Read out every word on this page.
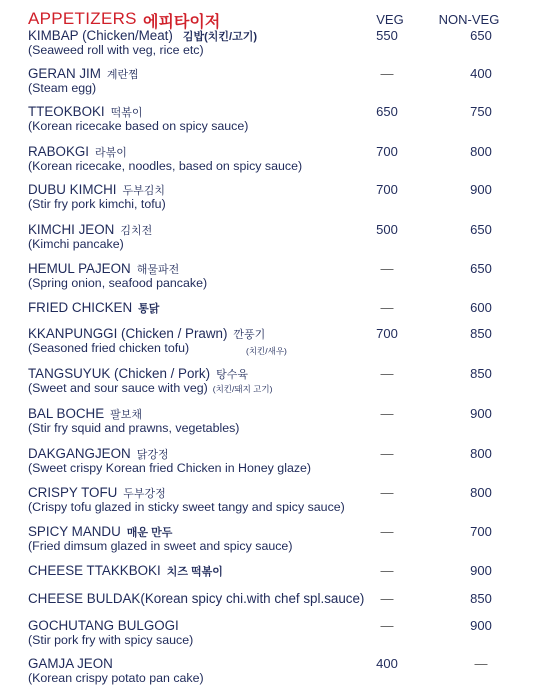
APPETIZERS 에피타이저	VEG	NON-VEG
KIMBAP (Chicken/Meat) 김밥(치킨/고기)
(Seaweed roll with veg, rice etc)
550	650
GERAN JIM 계란찜
(Steam egg)
—	400
TTEOKBOKI 떡볶이
(Korean ricecake based on spicy sauce)
650	750
RABOKGI 라볶이
(Korean ricecake, noodles, based on spicy sauce)
700	800
DUBU KIMCHI 두부김치
(Stir fry pork kimchi, tofu)
700	900
KIMCHI JEON 김치전
(Kimchi pancake)
500	650
HEMUL PAJEON 해물파전
(Spring onion, seafood pancake)
—	650
FRIED CHICKEN 통닭	—	600
KKANPUNGGI (Chicken / Prawn) 깐풍기
(치킨/새우)
(Seasoned fried chicken tofu)
700	850
TANGSUYUK (Chicken / Pork) 탕수육
(Sweet and sour sauce with veg) (치킨/돼지 고기)
—	850
BAL BOCHE 팔보채
(Stir fry squid and prawns, vegetables)
—	900
DAKGANGJEON 닭강정
(Sweet crispy Korean fried Chicken in Honey glaze)
—	800
CRISPY TOFU 두부강정
(Crispy tofu glazed in sticky sweet tangy and spicy sauce)
—	800
SPICY MANDU 매운 만두
(Fried dimsum glazed in sweet and spicy sauce)
—	700
CHEESE TTAKKBOKI 치즈 떡볶이	—	900
CHEESE BULDAK(Korean spicy chi.with chef spl.sauce)	—	850
GOCHUTANG BULGOGI
(Stir pork fry with spicy sauce)
—	900
GAMJA JEON
(Korean crispy potato pan cake)
400	—
